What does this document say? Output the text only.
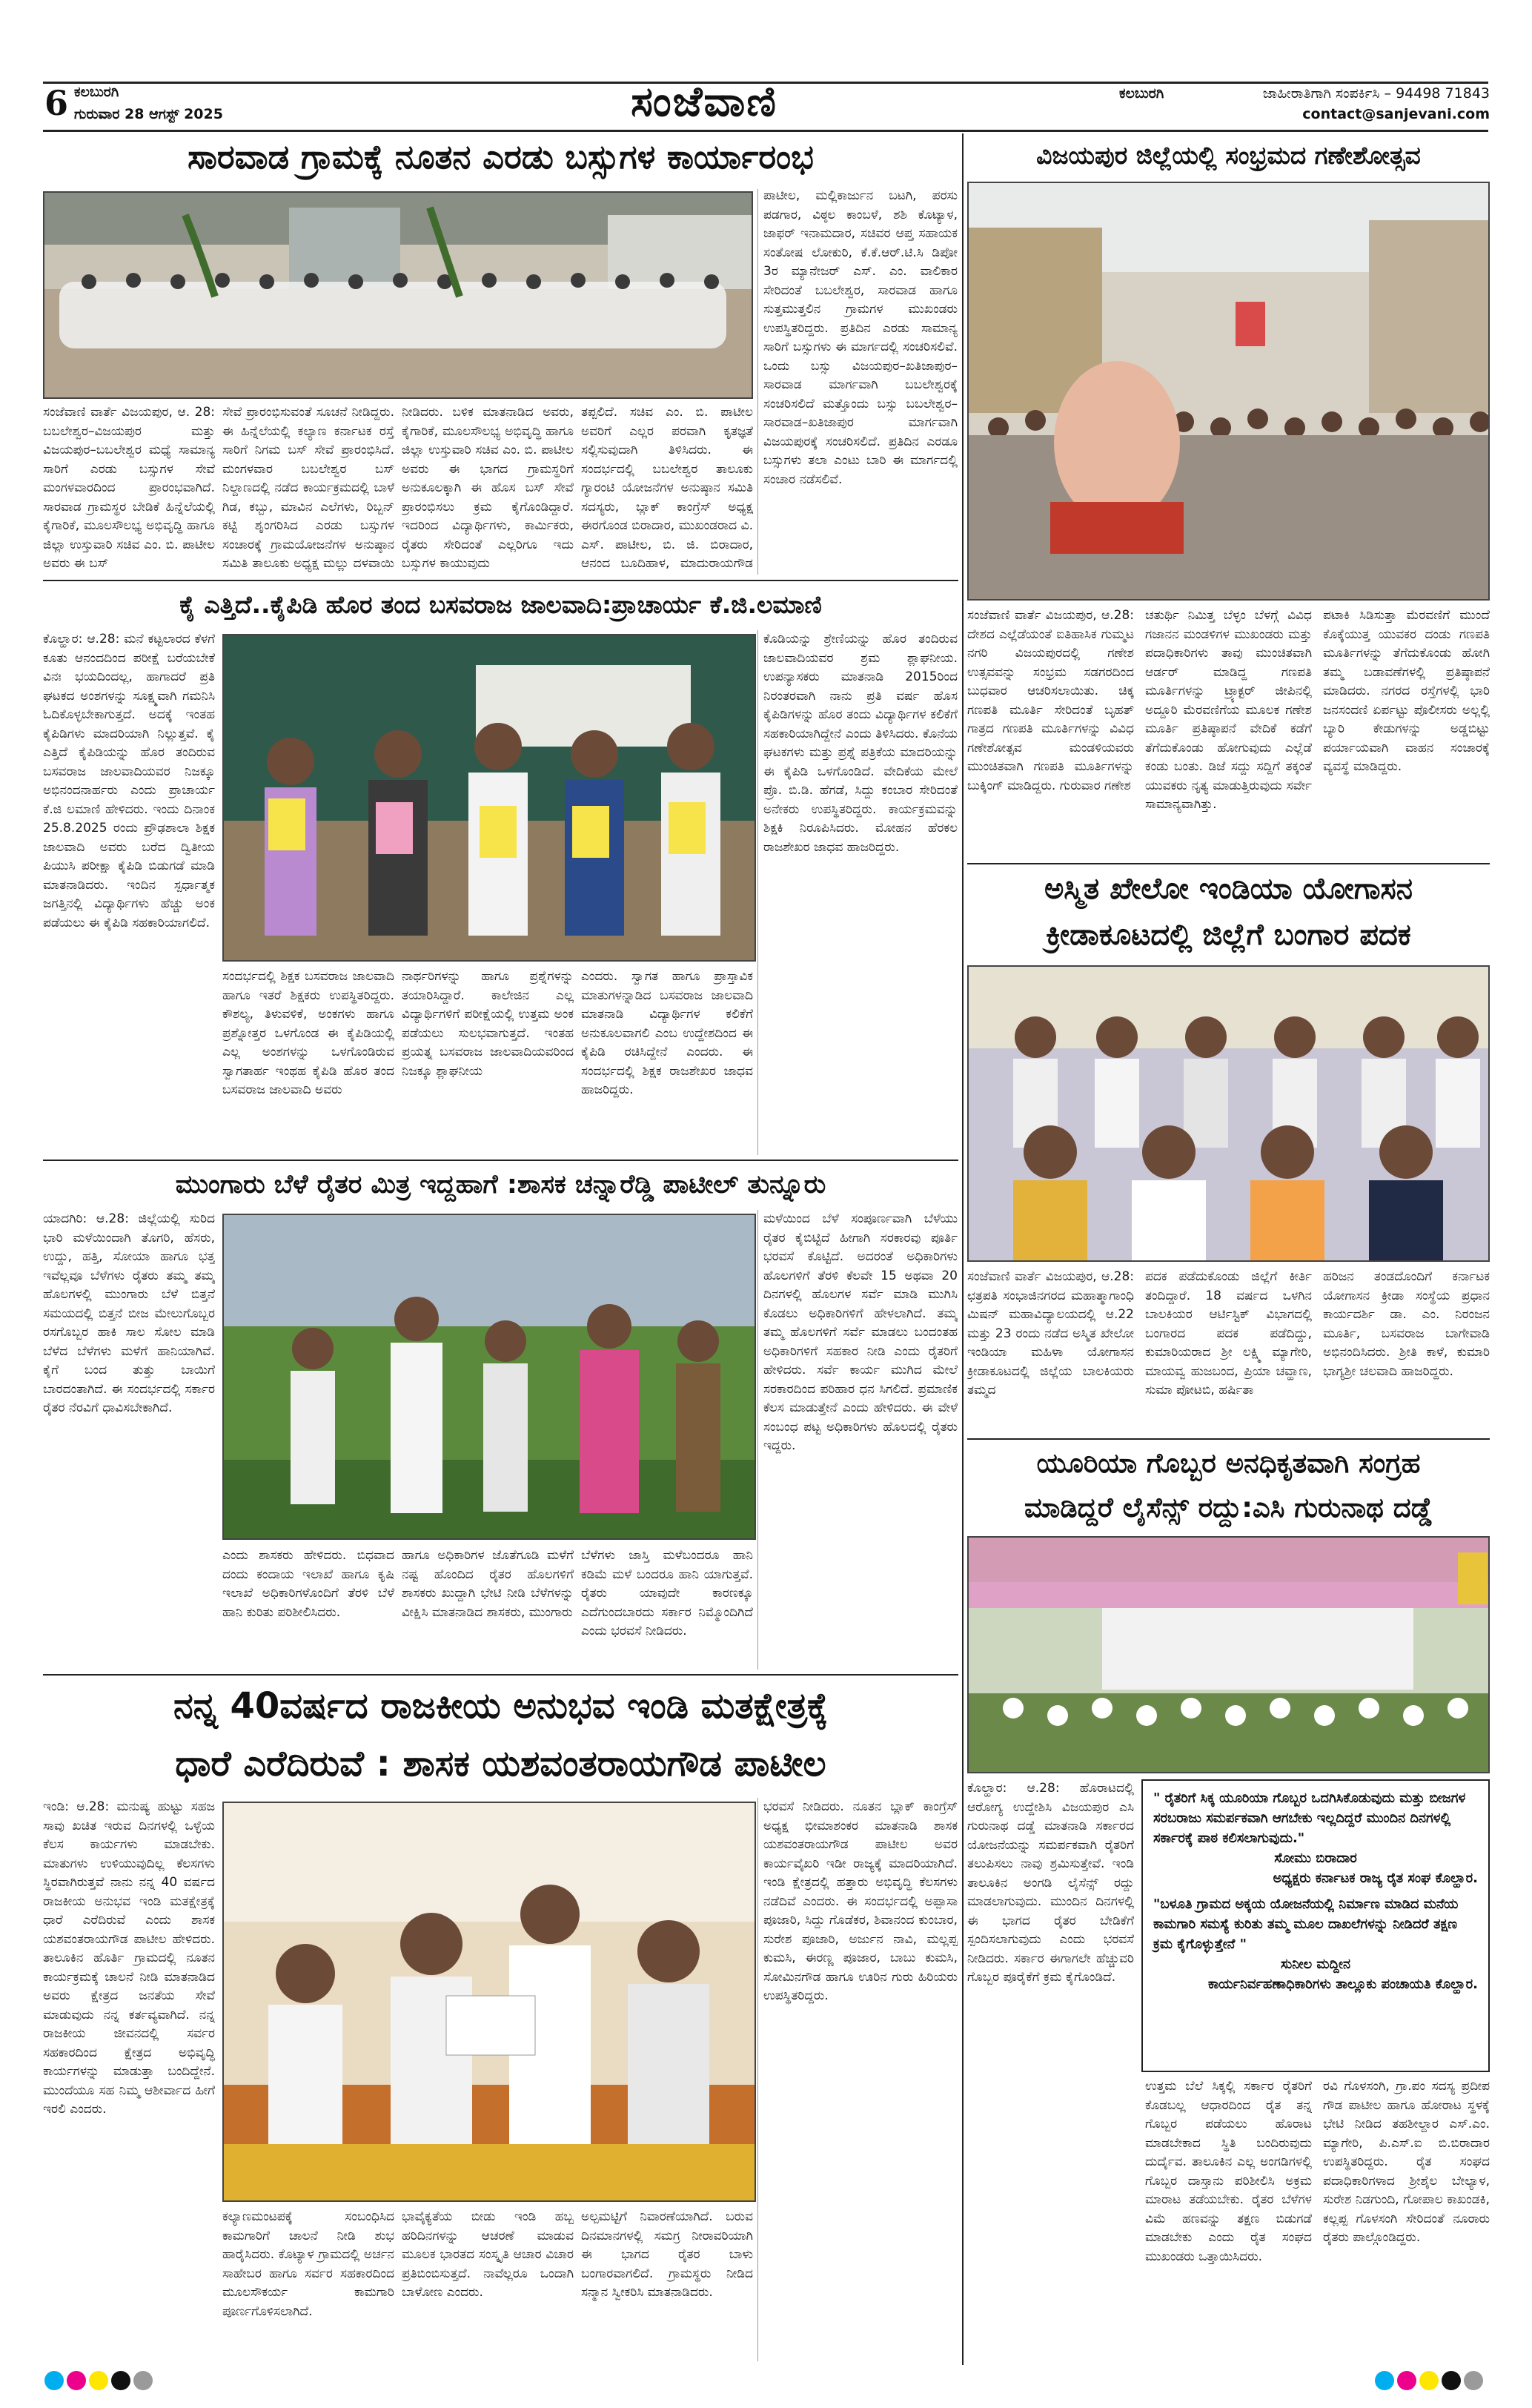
6 ಕಲಬುರಗಿ
ಗುರುವಾರ 28 ಆಗಸ್ಟ್ 2025	ಸಂಜೆವಾಣಿ	ಕಲಬುರಗಿ	ಜಾಹೀರಾತಿಗಾಗಿ ಸಂಪರ್ಕಿಸಿ – 94498 71843
contact@sanjevani.com
ಸಾರವಾಡ ಗ್ರಾಮಕ್ಕೆ ನೂತನ ಎರಡು ಬಸ್ಸುಗಳ ಕಾರ್ಯಾರಂಭ
ಪಾಟೀಲ, ಮಲ್ಲಿಕಾರ್ಜುನ ಬಟಗಿ, ಪರಸು ಪಡಗಾರ, ವಿಠ್ಠಲ ಕಾಂಬಳೆ, ಶಶಿ ಕೊಟ್ಯಾಳ, ಜಾಫರ್ ಇನಾಮದಾರ, ಸಚಿವರ ಆಪ್ತ ಸಹಾಯಕ ಸಂತೋಷ ಲೋಕುರಿ, ಕೆ.ಕೆ.ಆರ್.ಟಿ.ಸಿ ಡಿಪೋ 3ರ ಮ್ಯಾನೇಜರ್ ಎಸ್. ಎಂ. ವಾಲಿಕಾರ ಸೇರಿದಂತೆ ಬಬಲೇಶ್ವರ, ಸಾರವಾಡ ಹಾಗೂ ಸುತ್ತಮುತ್ತಲಿನ ಗ್ರಾಮಗಳ ಮುಖಂಡರು ಉಪಸ್ಥಿತರಿದ್ದರು. ಪ್ರತಿದಿನ ಎರಡು ಸಾಮಾನ್ಯ ಸಾರಿಗೆ ಬಸ್ಸುಗಳು ಈ ಮಾರ್ಗದಲ್ಲಿ ಸಂಚರಿಸಲಿವೆ. ಒಂದು ಬಸ್ಸು ವಿಜಯಪುರ–ಖತಿಜಾಪುರ–ಸಾರವಾಡ ಮಾರ್ಗವಾಗಿ ಬಬಲೇಶ್ವರಕ್ಕೆ ಸಂಚರಿಸಲಿದೆ ಮತ್ತೊಂದು ಬಸ್ಸು ಬಬಲೇಶ್ವರ–ಸಾರವಾಡ–ಖತಿಜಾಪುರ ಮಾರ್ಗವಾಗಿ ವಿಜಯಪುರಕ್ಕೆ ಸಂಚರಿಸಲಿದೆ. ಪ್ರತಿದಿನ ಎರಡೂ ಬಸ್ಸುಗಳು ತಲಾ ಎಂಟು ಬಾರಿ ಈ ಮಾರ್ಗದಲ್ಲಿ ಸಂಚಾರ ನಡೆಸಲಿವೆ.
ಸಂಜೆವಾಣಿ ವಾರ್ತೆ ವಿಜಯಪುರ, ಆ. 28: ಬಬಲೇಶ್ವರ–ವಿಜಯಪುರ ಮತ್ತು ವಿಜಯಪುರ–ಬಬಲೇಶ್ವರ ಮಧ್ಯೆ ಸಾಮಾನ್ಯ ಸಾರಿಗೆ ಎರಡು ಬಸ್ಸುಗಳ ಸೇವೆ ಮಂಗಳವಾರದಿಂದ ಪ್ರಾರಂಭವಾಗಿದೆ. ಸಾರವಾಡ ಗ್ರಾಮಸ್ಥರ ಬೇಡಿಕೆ ಹಿನ್ನೆಲೆಯಲ್ಲಿ ಕೈಗಾರಿಕೆ, ಮೂಲಸೌಲಭ್ಯ ಅಭಿವೃದ್ಧಿ ಹಾಗೂ ಜಿಲ್ಲಾ ಉಸ್ತುವಾರಿ ಸಚಿವ ಎಂ. ಬಿ. ಪಾಟೀಲ ಅವರು ಈ ಬಸ್
ಸೇವೆ ಪ್ರಾರಂಭಿಸುವಂತೆ ಸೂಚನೆ ನೀಡಿದ್ದರು. ಈ ಹಿನ್ನೆಲೆಯಲ್ಲಿ ಕಲ್ಯಾಣ ಕರ್ನಾಟಕ ರಸ್ತೆ ಸಾರಿಗೆ ನಿಗಮ ಬಸ್ ಸೇವೆ ಪ್ರಾರಂಭಿಸಿದೆ. ಮಂಗಳವಾರ ಬಬಲೇಶ್ವರ ಬಸ್ ನಿಲ್ದಾಣದಲ್ಲಿ ನಡೆದ ಕಾರ್ಯಕ್ರಮದಲ್ಲಿ ಬಾಳೆ ಗಿಡ, ಕಬ್ಬು, ಮಾವಿನ ಎಲೆಗಳು, ರಿಬ್ಬನ್ ಕಟ್ಟಿ ಶೃಂಗರಿಸಿದ ಎರಡು ಬಸ್ಸುಗಳ ಸಂಚಾರಕ್ಕೆ ಗ್ರಾಮಯೋಜನೆಗಳ ಅನುಷ್ಠಾನ ಸಮಿತಿ ತಾಲೂಕು ಅಧ್ಯಕ್ಷ ಮಲ್ಲು ದಳವಾಯಿ
ನೀಡಿದರು. ಬಳಿಕ ಮಾತನಾಡಿದ ಅವರು, ಕೈಗಾರಿಕೆ, ಮೂಲಸೌಲಭ್ಯ ಅಭಿವೃದ್ಧಿ ಹಾಗೂ ಜಿಲ್ಲಾ ಉಸ್ತುವಾರಿ ಸಚಿವ ಎಂ. ಬಿ. ಪಾಟೀಲ ಅವರು ಈ ಭಾಗದ ಗ್ರಾಮಸ್ಥರಿಗೆ ಅನುಕೂಲಕ್ಕಾಗಿ ಈ ಹೊಸ ಬಸ್ ಸೇವೆ ಪ್ರಾರಂಭಿಸಲು ಕ್ರಮ ಕೈಗೊಂಡಿದ್ದಾರೆ. ಇದರಿಂದ ವಿದ್ಯಾರ್ಥಿಗಳು, ಕಾರ್ಮಿಕರು, ರೈತರು ಸೇರಿದಂತೆ ಎಲ್ಲರಿಗೂ ಇದು ಬಸ್ಸುಗಳ ಕಾಯುವುದು
ತಪ್ಪಲಿದೆ. ಸಚಿವ ಎಂ. ಬಿ. ಪಾಟೀಲ ಅವರಿಗೆ ಎಲ್ಲರ ಪರವಾಗಿ ಕೃತಜ್ಞತೆ ಸಲ್ಲಿಸುವುದಾಗಿ ತಿಳಿಸಿದರು. ಈ ಸಂದರ್ಭದಲ್ಲಿ ಬಬಲೇಶ್ವರ ತಾಲೂಕು ಗ್ಯಾರಂಟಿ ಯೋಜನೆಗಳ ಅನುಷ್ಠಾನ ಸಮಿತಿ ಸದಸ್ಯರು, ಬ್ಲಾಕ್ ಕಾಂಗ್ರೆಸ್ ಅಧ್ಯಕ್ಷ ಈರಗೊಂಡ ಬಿರಾದಾರ, ಮುಖಂಡರಾದ ವಿ. ಎಸ್. ಪಾಟೀಲ, ಬಿ. ಜಿ. ಬಿರಾದಾರ, ಆನಂದ ಬೂದಿಹಾಳ, ಮಾದುರಾಯಗೌಡ
ಕೈ ಎತ್ತಿದೆ..ಕೈಪಿಡಿ ಹೊರ ತಂದ ಬಸವರಾಜ ಜಾಲವಾದಿ:ಪ್ರಾಚಾರ್ಯ ಕೆ.ಜಿ.ಲಮಾಣಿ
ಕೊಲ್ಹಾರ: ಆ.28: ಮನೆ ಕಟ್ಟಲಾರದ ಕೆಳಗೆ ಕೂತು ಆನಂದದಿಂದ ಪರೀಕ್ಷೆ ಬರೆಯಬೇಕೆ ವಿನಃ ಭಯದಿಂದಲ್ಲ, ಹಾಗಾದರೆ ಪ್ರತಿ ಘಟಕದ ಅಂಶಗಳನ್ನು ಸೂಕ್ಷ್ಮವಾಗಿ ಗಮನಿಸಿ ಓದಿಕೊಳ್ಳಬೇಕಾಗುತ್ತದೆ. ಅದಕ್ಕೆ ಇಂತಹ ಕೈಪಿಡಿಗಳು ಮಾದರಿಯಾಗಿ ನಿಲ್ಲುತ್ತವೆ. ಕೈ ಎತ್ತಿದೆ ಕೈಪಿಡಿಯನ್ನು ಹೊರ ತಂದಿರುವ ಬಸವರಾಜ ಜಾಲವಾದಿಯವರ ನಿಜಕ್ಕೂ ಅಭಿನಂದನಾರ್ಹರು ಎಂದು ಪ್ರಾಚಾರ್ಯ ಕೆ.ಜಿ ಲಮಾಣಿ ಹೇಳಿದರು. ಇಂದು ದಿನಾಂಕ 25.8.2025 ರಂದು ಪ್ರೌಢಶಾಲಾ ಶಿಕ್ಷಕ ಜಾಲವಾದಿ ಅವರು ಬರೆದ ದ್ವಿತೀಯ ಪಿಯುಸಿ ಪರೀಕ್ಷಾ ಕೈಪಿಡಿ ಬಿಡುಗಡೆ ಮಾಡಿ ಮಾತನಾಡಿದರು. ಇಂದಿನ ಸ್ಪರ್ಧಾತ್ಮಕ ಜಗತ್ತಿನಲ್ಲಿ ವಿದ್ಯಾರ್ಥಿಗಳು ಹೆಚ್ಚು ಅಂಕ ಪಡೆಯಲು ಈ ಕೈಪಿಡಿ ಸಹಕಾರಿಯಾಗಲಿದೆ.
ಕೊಡಿಯನ್ನು ಶ್ರೇಣಿಯನ್ನು ಹೊರ ತಂದಿರುವ ಜಾಲವಾದಿಯವರ ಶ್ರಮ ಶ್ಲಾಘನೀಯ. ಉಪನ್ಯಾಸಕರು ಮಾತನಾಡಿ 2015ರಿಂದ ನಿರಂತರವಾಗಿ ನಾನು ಪ್ರತಿ ವರ್ಷ ಹೊಸ ಕೈಪಿಡಿಗಳನ್ನು ಹೊರ ತಂದು ವಿದ್ಯಾರ್ಥಿಗಳ ಕಲಿಕೆಗೆ ಸಹಕಾರಿಯಾಗಿದ್ದೇನೆ ಎಂದು ತಿಳಿಸಿದರು. ಕೊನೆಯ ಘಟಕಗಳು ಮತ್ತು ಪ್ರಶ್ನೆ ಪತ್ರಿಕೆಯ ಮಾದರಿಯನ್ನು ಈ ಕೈಪಿಡಿ ಒಳಗೊಂಡಿದೆ. ವೇದಿಕೆಯ ಮೇಲೆ ಪ್ರೊ. ಬಿ.ಡಿ. ಹೆಗಡೆ, ಸಿದ್ದು ಕಂಬಾರ ಸೇರಿದಂತೆ ಅನೇಕರು ಉಪಸ್ಥಿತರಿದ್ದರು. ಕಾರ್ಯಕ್ರಮವನ್ನು ಶಿಕ್ಷಕಿ ನಿರೂಪಿಸಿದರು. ಮೋಹನ ಹೆರಕಲ ರಾಜಶೇಖರ ಜಾಧವ ಹಾಜರಿದ್ದರು.
ಸಂದರ್ಭದಲ್ಲಿ ಶಿಕ್ಷಕ ಬಸವರಾಜ ಜಾಲವಾದಿ ಹಾಗೂ ಇತರೆ ಶಿಕ್ಷಕರು ಉಪಸ್ಥಿತರಿದ್ದರು. ಕೌಶಲ್ಯ, ತಿಳುವಳಿಕೆ, ಅಂಕಗಳು ಹಾಗೂ ಪ್ರಶ್ನೋತ್ತರ ಒಳಗೊಂಡ ಈ ಕೈಪಿಡಿಯಲ್ಲಿ ಎಲ್ಲ ಅಂಶಗಳನ್ನು ಒಳಗೊಂಡಿರುವ ಸ್ವಾಗತಾರ್ಹ ಇಂಥಹ ಕೈಪಿಡಿ ಹೊರ ತಂದ ಬಸವರಾಜ ಜಾಲವಾದಿ ಅವರು
ನಾರ್ಥರಿಗಳನ್ನು ಹಾಗೂ ಪ್ರಶ್ನೆಗಳನ್ನು ತಯಾರಿಸಿದ್ದಾರೆ. ಕಾಲೇಜಿನ ಎಲ್ಲ ವಿದ್ಯಾರ್ಥಿಗಳಿಗೆ ಪರೀಕ್ಷೆಯಲ್ಲಿ ಉತ್ತಮ ಅಂಕ ಪಡೆಯಲು ಸುಲಭವಾಗುತ್ತದೆ. ಇಂತಹ ಪ್ರಯತ್ನ ಬಸವರಾಜ ಜಾಲವಾದಿಯವರಿಂದ ನಿಜಕ್ಕೂ ಶ್ಲಾಘನೀಯ
ಎಂದರು. ಸ್ವಾಗತ ಹಾಗೂ ಪ್ರಾಸ್ತಾವಿಕ ಮಾತುಗಳನ್ನಾಡಿದ ಬಸವರಾಜ ಜಾಲವಾದಿ ಮಾತನಾಡಿ ವಿದ್ಯಾರ್ಥಿಗಳ ಕಲಿಕೆಗೆ ಅನುಕೂಲವಾಗಲಿ ಎಂಬ ಉದ್ದೇಶದಿಂದ ಈ ಕೈಪಿಡಿ ರಚಿಸಿದ್ದೇನೆ ಎಂದರು. ಈ ಸಂದರ್ಭದಲ್ಲಿ ಶಿಕ್ಷಕ ರಾಜಶೇಖರ ಜಾಧವ ಹಾಜರಿದ್ದರು.
ಮುಂಗಾರು ಬೆಳೆ ರೈತರ ಮಿತ್ರ ಇದ್ದಹಾಗೆ :ಶಾಸಕ ಚನ್ನಾರೆಡ್ಡಿ ಪಾಟೀಲ್ ತುನ್ನೂರು
ಯಾದಗಿರಿ: ಆ.28: ಜಿಲ್ಲೆಯಲ್ಲಿ ಸುರಿದ ಭಾರಿ ಮಳೆಯಿಂದಾಗಿ ತೊಗರಿ, ಹೆಸರು, ಉದ್ದು, ಹತ್ತಿ, ಸೋಯಾ ಹಾಗೂ ಭತ್ತ ಇವೆಲ್ಲವೂ ಬೆಳೆಗಳು ರೈತರು ತಮ್ಮ ತಮ್ಮ ಹೊಲಗಳಲ್ಲಿ ಮುಂಗಾರು ಬೆಳೆ ಬಿತ್ತನೆ ಸಮಯದಲ್ಲಿ ಬಿತ್ತನೆ ಬೀಜ ಮೇಲುಗೊಬ್ಬರ ರಸಗೊಬ್ಬರ ಹಾಕಿ ಸಾಲ ಸೋಲ ಮಾಡಿ ಬೆಳೆದ ಬೆಳೆಗಳು ಮಳೆಗೆ ಹಾನಿಯಾಗಿವೆ. ಕೈಗೆ ಬಂದ ತುತ್ತು ಬಾಯಿಗೆ ಬಾರದಂತಾಗಿದೆ. ಈ ಸಂದರ್ಭದಲ್ಲಿ ಸರ್ಕಾರ ರೈತರ ನೆರವಿಗೆ ಧಾವಿಸಬೇಕಾಗಿದೆ.
ಮಳೆಯಿಂದ ಬೆಳೆ ಸಂಪೂರ್ಣವಾಗಿ ಬೆಳೆಯು ರೈತರ ಕೈಬಿಟ್ಟಿದೆ ಹೀಗಾಗಿ ಸರಕಾರವು ಪೂರ್ತಿ ಭರವಸೆ ಕೊಟ್ಟಿದೆ. ಅದರಂತೆ ಅಧಿಕಾರಿಗಳು ಹೊಲಗಳಿಗೆ ತೆರಳಿ ಕೆಲವೇ 15 ಅಥವಾ 20 ದಿನಗಳಲ್ಲಿ ಹೊಲಗಳ ಸರ್ವೆ ಮಾಡಿ ಮುಗಿಸಿ ಕೊಡಲು ಅಧಿಕಾರಿಗಳಿಗೆ ಹೇಳಲಾಗಿದೆ. ತಮ್ಮ ತಮ್ಮ ಹೊಲಗಳಿಗೆ ಸರ್ವೆ ಮಾಡಲು ಬಂದಂತಹ ಅಧಿಕಾರಿಗಳಿಗೆ ಸಹಕಾರ ನೀಡಿ ಎಂದು ರೈತರಿಗೆ ಹೇಳಿದರು. ಸರ್ವೆ ಕಾರ್ಯ ಮುಗಿದ ಮೇಲೆ ಸರಕಾರದಿಂದ ಪರಿಹಾರ ಧನ ಸಿಗಲಿದೆ. ಪ್ರಮಾಣಿಕ ಕೆಲಸ ಮಾಡುತ್ತೇನೆ ಎಂದು ಹೇಳಿದರು. ಈ ವೇಳೆ ಸಂಬಂಧ ಪಟ್ಟ ಅಧಿಕಾರಿಗಳು ಹೊಲದಲ್ಲಿ ರೈತರು ಇದ್ದರು.
ಎಂದು ಶಾಸಕರು ಹೇಳಿದರು. ಬಿಧವಾದ ದಂದು ಕಂದಾಯ ಇಲಾಖೆ ಹಾಗೂ ಕೃಷಿ ಇಲಾಖೆ ಅಧಿಕಾರಿಗಳೊಂದಿಗೆ ತೆರಳಿ ಬೆಳೆ ಹಾನಿ ಕುರಿತು ಪರಿಶೀಲಿಸಿದರು.
ಹಾಗೂ ಅಧಿಕಾರಿಗಳ ಜೊತೆಗೂಡಿ ಮಳೆಗೆ ನಷ್ಟ ಹೊಂದಿದ ರೈತರ ಹೊಲಗಳಿಗೆ ಶಾಸಕರು ಖುದ್ದಾಗಿ ಭೇಟಿ ನೀಡಿ ಬೆಳೆಗಳನ್ನು ವೀಕ್ಷಿಸಿ ಮಾತನಾಡಿದ ಶಾಸಕರು, ಮುಂಗಾರು
ಬೆಳೆಗಳು ಜಾಸ್ತಿ ಮಳೆಬಂದರೂ ಹಾನಿ ಕಡಿಮೆ ಮಳೆ ಬಂದರೂ ಹಾನಿ ಯಾಗುತ್ತವೆ. ರೈತರು ಯಾವುದೇ ಕಾರಣಕ್ಕೂ ಎದೆಗುಂದಬಾರದು ಸರ್ಕಾರ ನಿಮ್ಮೊಂದಿಗಿದೆ ಎಂದು ಭರವಸೆ ನೀಡಿದರು.
ನನ್ನ 40ವರ್ಷದ ರಾಜಕೀಯ ಅನುಭವ ಇಂಡಿ ಮತಕ್ಷೇತ್ರಕ್ಕೆ
ಧಾರೆ ಎರೆದಿರುವೆ : ಶಾಸಕ ಯಶವಂತರಾಯಗೌಡ ಪಾಟೀಲ
ಇಂಡಿ: ಆ.28: ಮನುಷ್ಯ ಹುಟ್ಟು ಸಹಜ ಸಾವು ಖಚಿತ ಇರುವ ದಿನಗಳಲ್ಲಿ ಒಳ್ಳೆಯ ಕೆಲಸ ಕಾರ್ಯಗಳು ಮಾಡಬೇಕು. ಮಾತುಗಳು ಉಳಿಯುವುದಿಲ್ಲ ಕೆಲಸಗಳು ಸ್ಥಿರವಾಗಿರುತ್ತವೆ ನಾನು ನನ್ನ 40 ವರ್ಷದ ರಾಜಕೀಯ ಅನುಭವ ಇಂಡಿ ಮತಕ್ಷೇತ್ರಕ್ಕೆ ಧಾರೆ ಎರೆದಿರುವೆ ಎಂದು ಶಾಸಕ ಯಶವಂತರಾಯಗೌಡ ಪಾಟೀಲ ಹೇಳಿದರು. ತಾಲೂಕಿನ ಹೊರ್ತಿ ಗ್ರಾಮದಲ್ಲಿ ನೂತನ ಕಾರ್ಯಕ್ರಮಕ್ಕೆ ಚಾಲನೆ ನೀಡಿ ಮಾತನಾಡಿದ ಅವರು ಕ್ಷೇತ್ರದ ಜನತೆಯ ಸೇವೆ ಮಾಡುವುದು ನನ್ನ ಕರ್ತವ್ಯವಾಗಿದೆ. ನನ್ನ ರಾಜಕೀಯ ಜೀವನದಲ್ಲಿ ಸರ್ವರ ಸಹಕಾರದಿಂದ ಕ್ಷೇತ್ರದ ಅಭಿವೃದ್ಧಿ ಕಾರ್ಯಗಳನ್ನು ಮಾಡುತ್ತಾ ಬಂದಿದ್ದೇನೆ. ಮುಂದೆಯೂ ಸಹ ನಿಮ್ಮ ಆಶೀರ್ವಾದ ಹೀಗೆ ಇರಲಿ ಎಂದರು.
ಭರವಸೆ ನೀಡಿದರು. ನೂತನ ಬ್ಲಾಕ್ ಕಾಂಗ್ರೆಸ್ ಅಧ್ಯಕ್ಷ ಭೀಮಾಶಂಕರ ಮಾತನಾಡಿ ಶಾಸಕ ಯಶವಂತರಾಯಗೌಡ ಪಾಟೀಲ ಅವರ ಕಾರ್ಯವೈಖರಿ ಇಡೀ ರಾಜ್ಯಕ್ಕೆ ಮಾದರಿಯಾಗಿದೆ. ಇಂಡಿ ಕ್ಷೇತ್ರದಲ್ಲಿ ಹತ್ತಾರು ಅಭಿವೃದ್ಧಿ ಕೆಲಸಗಳು ನಡೆದಿವೆ ಎಂದರು. ಈ ಸಂದರ್ಭದಲ್ಲಿ ಅಪ್ಪಾಸಾ ಪೂಜಾರಿ, ಸಿದ್ದು ಗೊಡೆಕರ, ಶಿವಾನಂದ ಕುಂಬಾರ, ಸುರೇಶ ಪೂಜಾರಿ, ಅರ್ಜುನ ನಾವಿ, ಮಲ್ಲಪ್ಪ ಕುಮಸಿ, ಈರಣ್ಣ ಪೂಜಾರ, ಬಾಬು ಕುಮಸಿ, ಸೋಮಿನಗೌಡ ಹಾಗೂ ಊರಿನ ಗುರು ಹಿರಿಯರು ಉಪಸ್ಥಿತರಿದ್ದರು.
ಕಲ್ಯಾಣಮಂಟಪಕ್ಕೆ ಸಂಬಂಧಿಸಿದ ಕಾಮಗಾರಿಗೆ ಚಾಲನೆ ನೀಡಿ ಶುಭ ಹಾರೈಸಿದರು. ಕೊಟ್ಯಾಳ ಗ್ರಾಮದಲ್ಲಿ ಅರ್ಚನ ಸಾಹೇಬರ ಹಾಗೂ ಸರ್ವರ ಸಹಕಾರದಿಂದ ಮೂಲಸೌಕರ್ಯ ಕಾಮಗಾರಿ ಪೂರ್ಣಗೊಳಿಸಲಾಗಿದೆ.
ಭಾವೈಕ್ಯತೆಯ ಬೀಡು ಇಂಡಿ ಹಬ್ಬ ಹರಿದಿನಗಳನ್ನು ಆಚರಣೆ ಮಾಡುವ ಮೂಲಕ ಭಾರತದ ಸಂಸ್ಕೃತಿ ಆಚಾರ ವಿಚಾರ ಪ್ರತಿಬಿಂಬಿಸುತ್ತದೆ. ನಾವೆಲ್ಲರೂ ಒಂದಾಗಿ ಬಾಳೋಣ ಎಂದರು.
ಅಲ್ಪಮಟ್ಟಿಗೆ ನಿವಾರಣೆಯಾಗಿದೆ. ಬರುವ ದಿನಮಾನಗಳಲ್ಲಿ ಸಮಗ್ರ ನೀರಾವರಿಯಾಗಿ ಈ ಭಾಗದ ರೈತರ ಬಾಳು ಬಂಗಾರವಾಗಲಿದೆ. ಗ್ರಾಮಸ್ಥರು ನೀಡಿದ ಸನ್ಮಾನ ಸ್ವೀಕರಿಸಿ ಮಾತನಾಡಿದರು.
ವಿಜಯಪುರ ಜಿಲ್ಲೆಯಲ್ಲಿ ಸಂಭ್ರಮದ ಗಣೇಶೋತ್ಸವ
ಸಂಜೆವಾಣಿ ವಾರ್ತೆ ವಿಜಯಪುರ, ಆ.28: ದೇಶದ ಎಲ್ಲೆಡೆಯಂತೆ ಐತಿಹಾಸಿಕ ಗುಮ್ಮಟ ನಗರಿ ವಿಜಯಪುರದಲ್ಲಿ ಗಣೇಶ ಉತ್ಸವವನ್ನು ಸಂಭ್ರಮ ಸಡಗರದಿಂದ ಬುಧವಾರ ಆಚರಿಸಲಾಯಿತು. ಚಿಕ್ಕ ಗಣಪತಿ ಮೂರ್ತಿ ಸೇರಿದಂತೆ ಬೃಹತ್ ಗಾತ್ರದ ಗಣಪತಿ ಮೂರ್ತಿಗಳನ್ನು ವಿವಿಧ ಗಣೇಶೋತ್ಸವ ಮಂಡಳಿಯವರು ಮುಂಚಿತವಾಗಿ ಗಣಪತಿ ಮೂರ್ತಿಗಳನ್ನು ಬುಕ್ಕಿಂಗ್ ಮಾಡಿದ್ದರು. ಗುರುವಾರ ಗಣೇಶ
ಚತುರ್ಥಿ ನಿಮಿತ್ತ ಬೆಳ್ಳಂ ಬೆಳಗ್ಗೆ ವಿವಿಧ ಗಜಾನನ ಮಂಡಳಿಗಳ ಮುಖಂಡರು ಮತ್ತು ಪದಾಧಿಕಾರಿಗಳು ತಾವು ಮುಂಚಿತವಾಗಿ ಆರ್ಡರ್ ಮಾಡಿದ್ದ ಗಣಪತಿ ಮೂರ್ತಿಗಳನ್ನು ಟ್ರ್ಯಾಕ್ಟರ್ ಜೀಪಿನಲ್ಲಿ ಅದ್ದೂರಿ ಮೆರವಣಿಗೆಯ ಮೂಲಕ ಗಣೇಶ ಮೂರ್ತಿ ಪ್ರತಿಷ್ಠಾಪನೆ ವೇದಿಕೆ ಕಡೆಗೆ ತೆಗೆದುಕೊಂಡು ಹೋಗುವುದು ಎಲ್ಲೆಡೆ ಕಂಡು ಬಂತು. ಡಿಜೆ ಸದ್ದು ಸದ್ದಿಗೆ ತಕ್ಕಂತೆ ಯುವಕರು ನೃತ್ಯ ಮಾಡುತ್ತಿರುವುದು ಸರ್ವೇ ಸಾಮಾನ್ಯವಾಗಿತ್ತು.
ಪಟಾಕಿ ಸಿಡಿಸುತ್ತಾ ಮೆರವಣಿಗೆ ಮುಂದೆ ಕೊಕ್ಕೆಯುತ್ತ ಯುವಕರ ದಂಡು ಗಣಪತಿ ಮೂರ್ತಿಗಳನ್ನು ತೆಗೆದುಕೊಂಡು ಹೋಗಿ ತಮ್ಮ ಬಡಾವಣೆಗಳಲ್ಲಿ ಪ್ರತಿಷ್ಠಾಪನೆ ಮಾಡಿದರು. ನಗರದ ರಸ್ತೆಗಳಲ್ಲಿ ಭಾರಿ ಜನಸಂದಣಿ ಏರ್ಪಟ್ಟು ಪೊಲೀಸರು ಅಲ್ಲಲ್ಲಿ ಬ್ಯಾರಿ ಕೇಡುಗಳನ್ನು ಅಡ್ಡಬಿಟ್ಟು ಪರ್ಯಾಯವಾಗಿ ವಾಹನ ಸಂಚಾರಕ್ಕೆ ವ್ಯವಸ್ಥೆ ಮಾಡಿದ್ದರು.
ಅಸ್ಮಿತ ಖೇಲೋ ಇಂಡಿಯಾ ಯೋಗಾಸನ
ಕ್ರೀಡಾಕೂಟದಲ್ಲಿ ಜಿಲ್ಲೆಗೆ ಬಂಗಾರ ಪದಕ
ಸಂಜೆವಾಣಿ ವಾರ್ತೆ ವಿಜಯಪುರ, ಆ.28: ಛತ್ರಪತಿ ಸಂಭಾಜಿನಗರದ ಮಹಾತ್ಮಾಗಾಂಧಿ ಮಿಷನ್ ಮಹಾವಿದ್ಯಾಲಯದಲ್ಲಿ ಆ.22 ಮತ್ತು 23 ರಂದು ನಡೆದ ಅಸ್ಮಿತ ಖೇಲೋ ಇಂಡಿಯಾ ಮಹಿಳಾ ಯೋಗಾಸನ ಕ್ರೀಡಾಕೂಟದಲ್ಲಿ ಜಿಲ್ಲೆಯ ಬಾಲಕಿಯರು ತಮ್ಮದ
ಪದಕ ಪಡೆದುಕೊಂಡು ಜಿಲ್ಲೆಗೆ ಕೀರ್ತಿ ತಂದಿದ್ದಾರೆ. 18 ವರ್ಷದ ಒಳಗಿನ ಬಾಲಕಿಯರ ಆರ್ಟಿಸ್ಟಿಕ್ ವಿಭಾಗದಲ್ಲಿ ಬಂಗಾರದ ಪದಕ ಪಡೆದಿದ್ದು, ಕುಮಾರಿಯರಾದ ಶ್ರೀ ಲಕ್ಷ್ಮಿ ಮ್ಯಾಗೇರಿ, ಮಾಯವ್ವ ಹುಜಬಂದ, ಪ್ರಿಯಾ ಚವ್ಹಾಣ, ಸುಮಾ ಪೋಟಬಿ, ಹರ್ಷಿತಾ
ಹರಿಜನ ತಂಡದೊಂದಿಗೆ ಕರ್ನಾಟಕ ಯೋಗಾಸನ ಕ್ರೀಡಾ ಸಂಸ್ಥೆಯ ಪ್ರಧಾನ ಕಾರ್ಯದರ್ಶಿ ಡಾ. ಎಂ. ನಿರಂಜನ ಮೂರ್ತಿ, ಬಸವರಾಜ ಬಾಗೇವಾಡಿ ಅಭಿನಂದಿಸಿದರು. ಶ್ರೀತಿ ಕಾಳೆ, ಕುಮಾರಿ ಭಾಗ್ಯಶ್ರೀ ಚಲವಾದಿ ಹಾಜರಿದ್ದರು.
ಯೂರಿಯಾ ಗೊಬ್ಬರ ಅನಧಿಕೃತವಾಗಿ ಸಂಗ್ರಹ
ಮಾಡಿದ್ದರೆ ಲೈಸೆನ್ಸ್ ರದ್ದು:ಎಸಿ ಗುರುನಾಥ ದಡ್ಡೆ
ಕೊಲ್ಹಾರ: ಆ.28: ಹೊರಾಟದಲ್ಲಿ ಆರೋಗ್ಯ ಉದ್ದೇಶಿಸಿ ವಿಜಯಪುರ ಎಸಿ ಗುರುನಾಥ ದಡ್ಡೆ ಮಾತನಾಡಿ ಸರ್ಕಾರದ ಯೋಜನೆಯನ್ನು ಸಮರ್ಪಕವಾಗಿ ರೈತರಿಗೆ ತಲುಪಿಸಲು ನಾವು ಶ್ರಮಿಸುತ್ತೇವೆ. ಇಂಡಿ ತಾಲೂಕಿನ ಅಂಗಡಿ ಲೈಸೆನ್ಸ್ ರದ್ದು ಮಾಡಲಾಗುವುದು. ಮುಂದಿನ ದಿನಗಳಲ್ಲಿ ಈ ಭಾಗದ ರೈತರ ಬೇಡಿಕೆಗೆ ಸ್ಪಂದಿಸಲಾಗುವುದು ಎಂದು ಭರವಸೆ ನೀಡಿದರು. ಸರ್ಕಾರ ಈಗಾಗಲೇ ಹೆಚ್ಚುವರಿ ಗೊಬ್ಬರ ಪೂರೈಕೆಗೆ ಕ್ರಮ ಕೈಗೊಂಡಿದೆ.
" ರೈತರಿಗೆ ಸಿಕ್ಕ ಯೂರಿಯಾ ಗೊಬ್ಬರ ಒದಗಿಸಿಕೊಡುವುದು ಮತ್ತು ಬೀಜಗಳ ಸರಬರಾಜು ಸಮರ್ಪಕವಾಗಿ ಆಗಬೇಕು ಇಲ್ಲದಿದ್ದರೆ ಮುಂದಿನ ದಿನಗಳಲ್ಲಿ ಸರ್ಕಾರಕ್ಕೆ ಪಾಠ ಕಲಿಸಲಾಗುವುದು."
ಸೋಮು ಬಿರಾದಾರ
ಅಧ್ಯಕ್ಷರು ಕರ್ನಾಟಕ ರಾಜ್ಯ ರೈತ ಸಂಘ ಕೊಲ್ಹಾರ.
"ಬಳೂತಿ ಗ್ರಾಮದ ಅಕ್ಕಯ ಯೋಜನೆಯಲ್ಲಿ ನಿರ್ಮಾಣ ಮಾಡಿದ ಮನೆಯ ಕಾಮಗಾರಿ ಸಮಸ್ಯೆ ಕುರಿತು ತಮ್ಮ ಮೂಲ ದಾಖಲೆಗಳನ್ನು ನೀಡಿದರೆ ತಕ್ಷಣ ಕ್ರಮ ಕೈಗೊಳ್ಳುತ್ತೇನೆ "
ಸುನೀಲ ಮದ್ದೀನ
ಕಾರ್ಯನಿರ್ವಹಣಾಧಿಕಾರಿಗಳು ತಾಲ್ಲೂಕು ಪಂಚಾಯತಿ ಕೊಲ್ಹಾರ.
ಉತ್ತಮ ಬೆಲೆ ಸಿಕ್ಕಲ್ಲಿ ಸರ್ಕಾರ ರೈತರಿಗೆ ಕೊಡಬಲ್ಲ ಆಧಾರದಿಂದ ರೈತ ತನ್ನ ಗೊಬ್ಬರ ಪಡೆಯಲು ಹೊರಾಟ ಮಾಡಬೇಕಾದ ಸ್ಥಿತಿ ಬಂದಿರುವುದು ದುರ್ದೈವ. ತಾಲೂಕಿನ ಎಲ್ಲ ಅಂಗಡಿಗಳಲ್ಲಿ ಗೊಬ್ಬರ ದಾಸ್ತಾನು ಪರಿಶೀಲಿಸಿ ಅಕ್ರಮ ಮಾರಾಟ ತಡೆಯಬೇಕು. ರೈತರ ಬೆಳೆಗಳ ವಿಮೆ ಹಣವನ್ನು ತಕ್ಷಣ ಬಿಡುಗಡೆ ಮಾಡಬೇಕು ಎಂದು ರೈತ ಸಂಘದ ಮುಖಂಡರು ಒತ್ತಾಯಿಸಿದರು.
ರವಿ ಗೊಳಸಂಗಿ, ಗ್ರಾ.ಪಂ ಸದಸ್ಯ ಪ್ರದೀಪ ಗೌಡ ಪಾಟೀಲ ಹಾಗೂ ಹೋರಾಟ ಸ್ಥಳಕ್ಕೆ ಭೇಟಿ ನೀಡಿದ ತಹಶೀಲ್ದಾರ ಎಸ್.ಎಂ. ಮ್ಯಾಗೇರಿ, ಪಿ.ಎಸ್.ಐ ಬಿ.ಬಿರಾದಾರ ಉಪಸ್ಥಿತರಿದ್ದರು. ರೈತ ಸಂಘದ ಪದಾಧಿಕಾರಿಗಳಾದ ಶ್ರೀಶೈಲ ಬೇಲ್ಯಾಳ, ಸುರೇಶ ನಿಡಗುಂದಿ, ಗೋಪಾಲ ಕಾಖಂಡಕಿ, ಕಲ್ಲಪ್ಪ ಗೊಳಸಂಗಿ ಸೇರಿದಂತೆ ನೂರಾರು ರೈತರು ಪಾಲ್ಗೊಂಡಿದ್ದರು.
